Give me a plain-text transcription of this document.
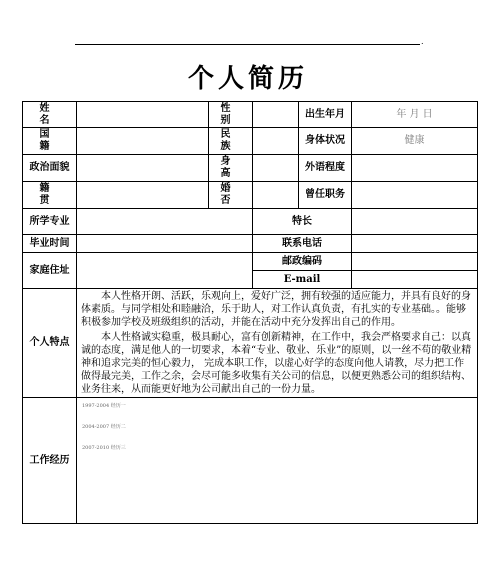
.
个人简历
姓 名		性 别		出生年月	年 月 日
国 籍		民 族		身体状况	健康
政治面貌		身 高		外语程度	
籍 贯		婚 否		曾任职务	
所学专业			特长		
毕业时间			联系电话		
家庭住址			邮政编码		
			E-mail		
个人特点	本人性格开朗、活跃，乐观向上，爱好广泛，拥有较强的适应能力，并具有良好的身体素质。与同学相处和睦融洽，乐于助人，对工作认真负责，有扎实的专业基础。。能够积极参加学校及班级组织的活动，并能在活动中充分发挥出自己的作用。
本人性格诚实稳重，极具耐心，富有创新精神，在工作中，我会严格要求自己：以真诚的态度，满足他人的一切要求，本着“专业、敬业、乐业”的原则，以一丝不苟的敬业精神和追求完美的恒心毅力， 完成本职工作，以虚心好学的态度向他人请教，尽力把工作做得最完美，工作之余，会尽可能多收集有关公司的信息，以便更熟悉公司的组织结构、业务往来，从而能更好地为公司献出自己的一份力量。				

工作经历	1997-2004 经历一
2004-2007 经历二
2007-2010 经历三				
